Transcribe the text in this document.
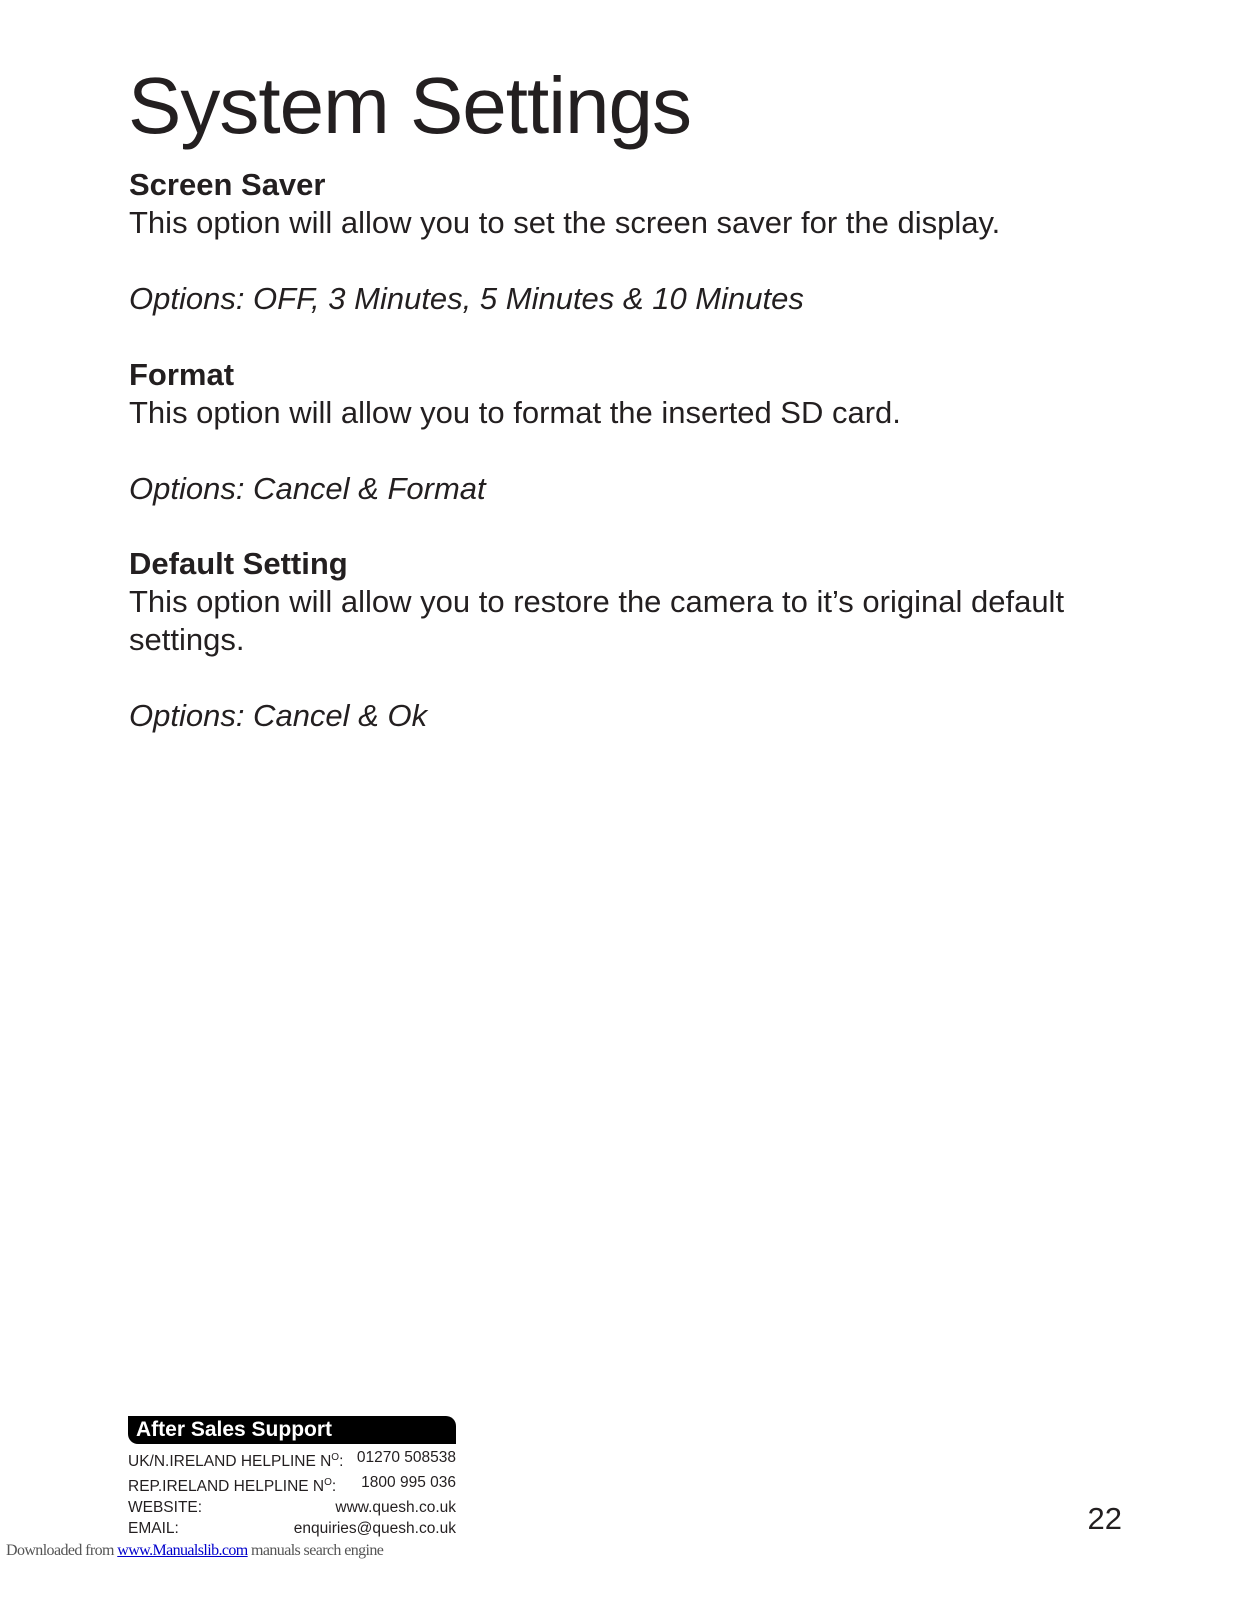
System Settings

Screen Saver

This option will allow you to set the screen saver for the display.

Options: OFF, 3 Minutes, 5 Minutes & 10 Minutes

Format

This option will allow you to format the inserted SD card.

Options: Cancel & Format

Default Setting

This option will allow you to restore the camera to it’s original default settings.

Options: Cancel & Ok

After Sales Support
UK/N.IRELAND HELPLINE $N^O$: 01270 508538
REP.IRELAND HELPLINE $N^O$: 1800 995 036
WEBSITE:	www.quesh.co.uk
EMAIL:	enquiries@quesh.co.uk	22
Downloaded from www.Manualslib.com manuals search engine
